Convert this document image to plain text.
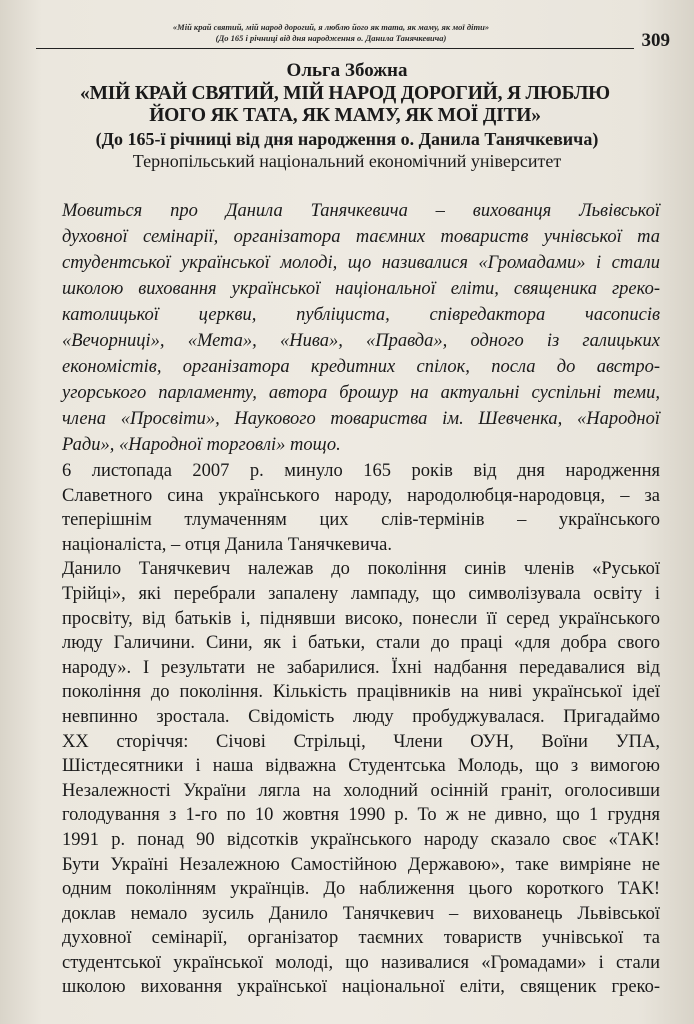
«Мій край святий, мій народ дорогий, я люблю його як тата, як маму, як мої діти»
(До 165 і річниці від дня народження о. Данила Танячкевича)	309
Ольга Збожна
«МІЙ КРАЙ СВЯТИЙ, МІЙ НАРОД ДОРОГИЙ, Я ЛЮБЛЮ
ЙОГО ЯК ТАТА, ЯК МАМУ, ЯК МОЇ ДІТИ»
(До 165-ї річниці від дня народження о. Данила Танячкевича)
Тернопільський національний економічний університет
Мовиться про Данила Танячкевича – вихованця Львівської
духовної семінарії, організатора таємних товариств учнівської та
студентської української молоді, що називалися «Громадами» і стали
школою виховання української національної еліти, священика греко-
католицької церкви, публіциста, співредактора часописів
«Вечорниці», «Мета», «Нива», «Правда», одного із галицьких
економістів, організатора кредитних спілок, посла до австро-
угорського парламенту, автора брошур на актуальні суспільні теми,
члена «Просвіти», Наукового товариства ім. Шевченка, «Народної
Ради», «Народної торговлі» тощо.
6 листопада 2007 р. минуло 165 років від дня народження
Славетного сина українського народу, народолюбця-народовця, – за
теперішнім тлумаченням цих слів-термінів – українського
націоналіста, – отця Данила Танячкевича.
Данило Танячкевич належав до покоління синів членів «Руської
Трійці», які перебрали запалену лампаду, що символізувала освіту і
просвіту, від батьків і, піднявши високо, понесли її серед українського
люду Галичини. Сини, як і батьки, стали до праці «для добра свого
народу». І результати не забарилися. Їхні надбання передавалися від
покоління до покоління. Кількість працівників на ниві української ідеї
невпинно зростала. Свідомість люду пробуджувалася. Пригадаймо
ХХ сторіччя: Січові Стрільці, Члени ОУН, Воїни УПА,
Шістдесятники і наша відважна Студентська Молодь, що з вимогою
Незалежності України лягла на холодний осінній граніт, оголосивши
голодування з 1-го по 10 жовтня 1990 р. То ж не дивно, що 1 грудня
1991 р. понад 90 відсотків українського народу сказало своє «ТАК!
Бути Україні Незалежною Самостійною Державою», таке вимріяне не
одним поколінням українців. До наближення цього короткого ТАК!
доклав немало зусиль Данило Танячкевич – вихованець Львівської
духовної семінарії, організатор таємних товариств учнівської та
студентської української молоді, що називалися «Громадами» і стали
школою виховання української національної еліти, священик греко-
